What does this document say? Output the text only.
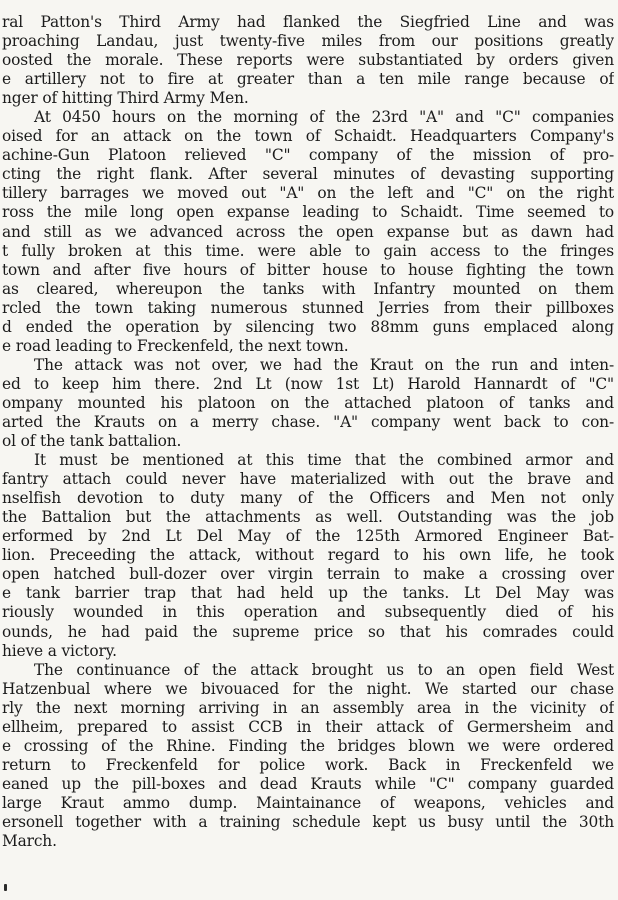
ral Patton's Third Army had flanked the Siegfried Line and was
proaching Landau, just twenty-five miles from our positions greatly
oosted the morale. These reports were substantiated by orders given
e artillery not to fire at greater than a ten mile range because of
nger of hitting Third Army Men.
At 0450 hours on the morning of the 23rd "A" and "C" companies
oised for an attack on the town of Schaidt. Headquarters Company's
achine-Gun Platoon relieved "C" company of the mission of pro-
cting the right flank. After several minutes of devasting supporting
tillery barrages we moved out "A" on the left and "C" on the right
ross the mile long open expanse leading to Schaidt. Time seemed to
and still as we advanced across the open expanse but as dawn had
t fully broken at this time. were able to gain access to the fringes
town and after five hours of bitter house to house fighting the town
as cleared, whereupon the tanks with Infantry mounted on them
rcled the town taking numerous stunned Jerries from their pillboxes
d ended the operation by silencing two 88mm guns emplaced along
e road leading to Freckenfeld, the next town.
The attack was not over, we had the Kraut on the run and inten-
ed to keep him there. 2nd Lt (now 1st Lt) Harold Hannardt of "C"
ompany mounted his platoon on the attached platoon of tanks and
arted the Krauts on a merry chase. "A" company went back to con-
ol of the tank battalion.
It must be mentioned at this time that the combined armor and
fantry attach could never have materialized with out the brave and
nselfish devotion to duty many of the Officers and Men not only
the Battalion but the attachments as well. Outstanding was the job
erformed by 2nd Lt Del May of the 125th Armored Engineer Bat-
lion. Preceeding the attack, without regard to his own life, he took
open hatched bull-dozer over virgin terrain to make a crossing over
e tank barrier trap that had held up the tanks. Lt Del May was
riously wounded in this operation and subsequently died of his
ounds, he had paid the supreme price so that his comrades could
hieve a victory.
The continuance of the attack brought us to an open field West
Hatzenbual where we bivouaced for the night. We started our chase
rly the next morning arriving in an assembly area in the vicinity of
ellheim, prepared to assist CCB in their attack of Germersheim and
e crossing of the Rhine. Finding the bridges blown we were ordered
return to Freckenfeld for police work. Back in Freckenfeld we
eaned up the pill-boxes and dead Krauts while "C" company guarded
large Kraut ammo dump. Maintainance of weapons, vehicles and
ersonell together with a training schedule kept us busy until the 30th
March.
